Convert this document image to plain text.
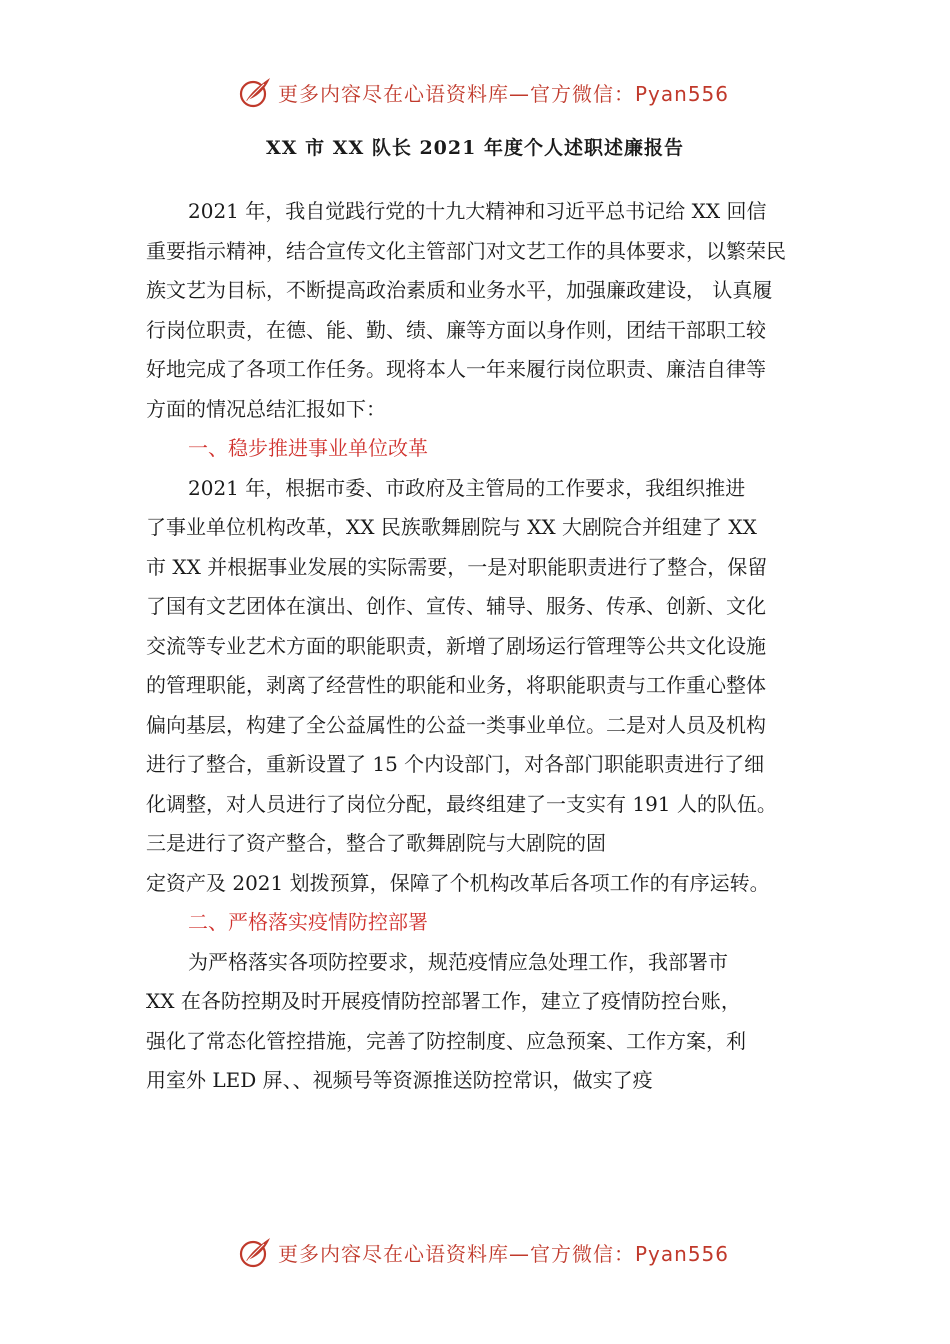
更多内容尽在心语资料库—官方微信：Pyan556
XX 市 XX 队长 2021 年度个人述职述廉报告

2021 年，我自觉践行党的十九大精神和习近平总书记给 XX 回信
重要指示精神，结合宣传文化主管部门对文艺工作的具体要求，以繁荣民
族文艺为目标，不断提高政治素质和业务水平，加强廉政建设， 认真履
行岗位职责，在德、能、勤、绩、廉等方面以身作则，团结干部职工较
好地完成了各项工作任务。现将本人一年来履行岗位职责、廉洁自律等
方面的情况总结汇报如下：

一、稳步推进事业单位改革

2021 年，根据市委、市政府及主管局的工作要求，我组织推进
了事业单位机构改革，XX 民族歌舞剧院与 XX 大剧院合并组建了 XX
市 XX 并根据事业发展的实际需要，一是对职能职责进行了整合，保留
了国有文艺团体在演出、创作、宣传、辅导、服务、传承、创新、文化
交流等专业艺术方面的职能职责，新增了剧场运行管理等公共文化设施
的管理职能，剥离了经营性的职能和业务，将职能职责与工作重心整体
偏向基层，构建了全公益属性的公益一类事业单位。二是对人员及机构
进行了整合，重新设置了 15 个内设部门，对各部门职能职责进行了细
化调整，对人员进行了岗位分配，最终组建了一支实有 191 人的队伍。
三是进行了资产整合，整合了歌舞剧院与大剧院的固
定资产及 2021 划拨预算，保障了个机构改革后各项工作的有序运转。

二、严格落实疫情防控部署

为严格落实各项防控要求，规范疫情应急处理工作，我部署市
XX 在各防控期及时开展疫情防控部署工作，建立了疫情防控台账，
强化了常态化管控措施，完善了防控制度、应急预案、工作方案，利
用室外 LED 屏、、视频号等资源推送防控常识，做实了疫

更多内容尽在心语资料库—官方微信：Pyan556
